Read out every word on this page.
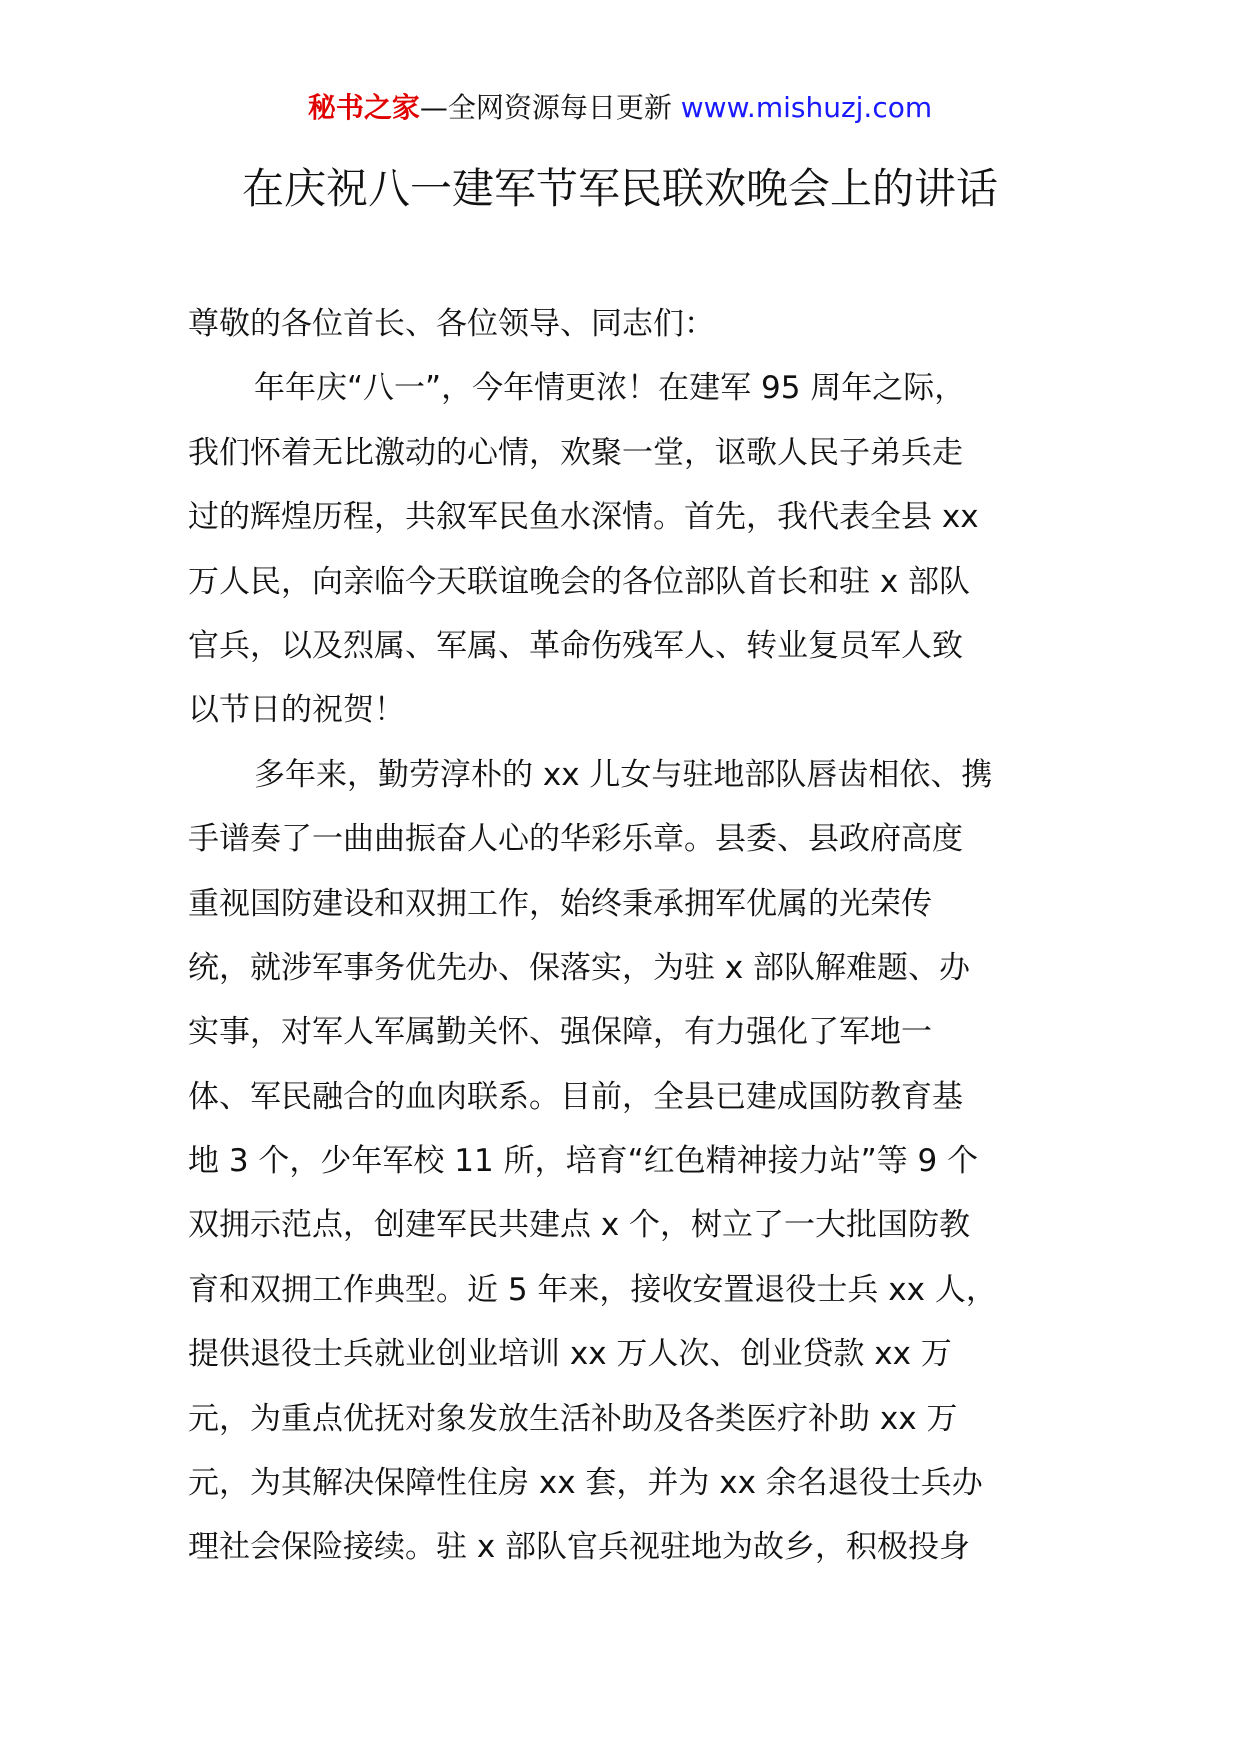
秘书之家—全网资源每日更新 www.mishuzj.com
在庆祝八一建军节军民联欢晚会上的讲话
尊敬的各位首长、各位领导、同志们：
年年庆“八一”，今年情更浓！在建军 95 周年之际，
我们怀着无比激动的心情，欢聚一堂，讴歌人民子弟兵走
过的辉煌历程，共叙军民鱼水深情。首先，我代表全县 xx
万人民，向亲临今天联谊晚会的各位部队首长和驻 x 部队
官兵，以及烈属、军属、革命伤残军人、转业复员军人致
以节日的祝贺！
多年来，勤劳淳朴的 xx 儿女与驻地部队唇齿相依、携
手谱奏了一曲曲振奋人心的华彩乐章。县委、县政府高度
重视国防建设和双拥工作，始终秉承拥军优属的光荣传
统，就涉军事务优先办、保落实，为驻 x 部队解难题、办
实事，对军人军属勤关怀、强保障，有力强化了军地一
体、军民融合的血肉联系。目前，全县已建成国防教育基
地 3 个，少年军校 11 所，培育“红色精神接力站”等 9 个
双拥示范点，创建军民共建点 x 个，树立了一大批国防教
育和双拥工作典型。近 5 年来，接收安置退役士兵 xx 人，
提供退役士兵就业创业培训 xx 万人次、创业贷款 xx 万
元，为重点优抚对象发放生活补助及各类医疗补助 xx 万
元，为其解决保障性住房 xx 套，并为 xx 余名退役士兵办
理社会保险接续。驻 x 部队官兵视驻地为故乡，积极投身
